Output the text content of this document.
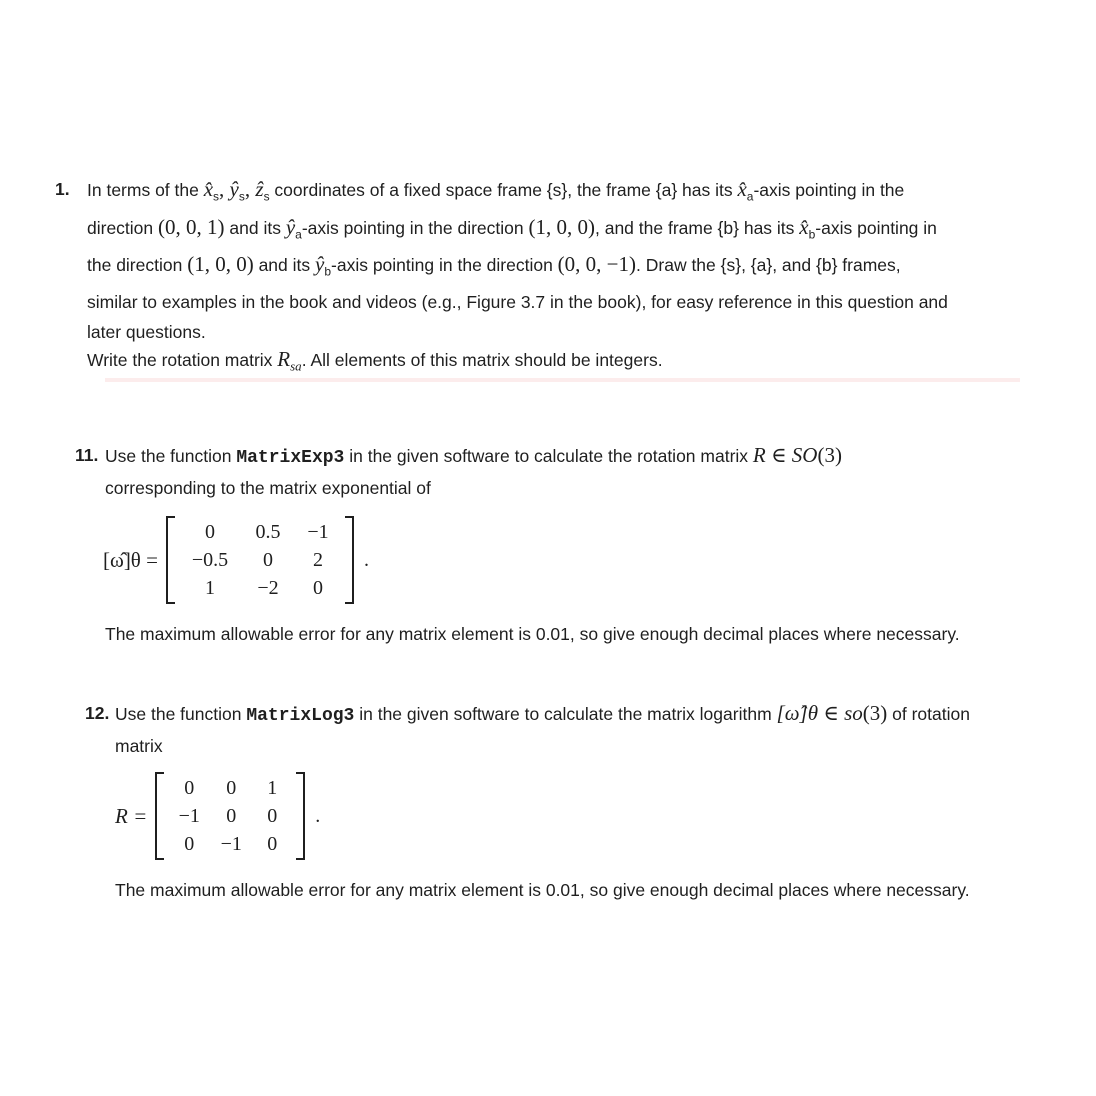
1. In terms of the $x̂_s$, $ŷ_s$, ẑ$_s$ coordinates of a fixed space frame {s}, the frame {a} has its $x̂_a$-axis pointing in the
direction (0, 0, 1) and its $ŷ_a$-axis pointing in the direction (1, 0, 0), and the frame {b} has its $x̂_b$-axis pointing in
the direction (1, 0, 0) and its $ŷ_b$-axis pointing in the direction (0, 0, −1). Draw the {s}, {a}, and {b} frames,
similar to examples in the book and videos (e.g., Figure 3.7 in the book), for easy reference in this question and
later questions.
Write the rotation matrix $R_{sa}$. All elements of this matrix should be integers.
11. Use the function MatrixExp3 in the given software to calculate the rotation matrix R ∈ SO(3)
corresponding to the matrix exponential of
[ω̂]θ =
0	0.5	−1
−0.5	0	2
1	−2	0
.
The maximum allowable error for any matrix element is 0.01, so give enough decimal places where necessary.
12. Use the function MatrixLog3 in the given software to calculate the matrix logarithm [ω̂]θ ∈ so(3) of rotation
matrix
R =
0	0	1
−1	0	0
0	−1	0
.
The maximum allowable error for any matrix element is 0.01, so give enough decimal places where necessary.
